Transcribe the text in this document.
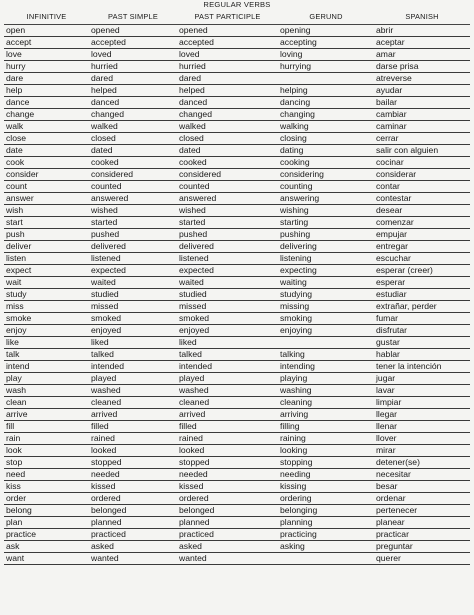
REGULAR VERBS
INFINITIVE	PAST SIMPLE	PAST PARTICIPLE	GERUND	SPANISH
open	opened	opened	opening	abrir
accept	accepted	accepted	accepting	aceptar
love	loved	loved	loving	amar
hurry	hurried	hurried	hurrying	darse prisa
dare	dared	dared		atreverse
help	helped	helped	helping	ayudar
dance	danced	danced	dancing	bailar
change	changed	changed	changing	cambiar
walk	walked	walked	walking	caminar
close	closed	closed	closing	cerrar
date	dated	dated	dating	salir con alguien
cook	cooked	cooked	cooking	cocinar
consider	considered	considered	considering	considerar
count	counted	counted	counting	contar
answer	answered	answered	answering	contestar
wish	wished	wished	wishing	desear
start	started	started	starting	comenzar
push	pushed	pushed	pushing	empujar
deliver	delivered	delivered	delivering	entregar
listen	listened	listened	listening	escuchar
expect	expected	expected	expecting	esperar (creer)
wait	waited	waited	waiting	esperar
study	studied	studied	studying	estudiar
miss	missed	missed	missing	extrañar, perder
smoke	smoked	smoked	smoking	fumar
enjoy	enjoyed	enjoyed	enjoying	disfrutar
like	liked	liked		gustar
talk	talked	talked	talking	hablar
intend	intended	intended	intending	tener la intención
play	played	played	playing	jugar
wash	washed	washed	washing	lavar
clean	cleaned	cleaned	cleaning	limpiar
arrive	arrived	arrived	arriving	llegar
fill	filled	filled	filling	llenar
rain	rained	rained	raining	llover
look	looked	looked	looking	mirar
stop	stopped	stopped	stopping	detener(se)
need	needed	needed	needing	necesitar
kiss	kissed	kissed	kissing	besar
order	ordered	ordered	ordering	ordenar
belong	belonged	belonged	belonging	pertenecer
plan	planned	planned	planning	planear
practice	practiced	practiced	practicing	practicar
ask	asked	asked	asking	preguntar
want	wanted	wanted		querer
